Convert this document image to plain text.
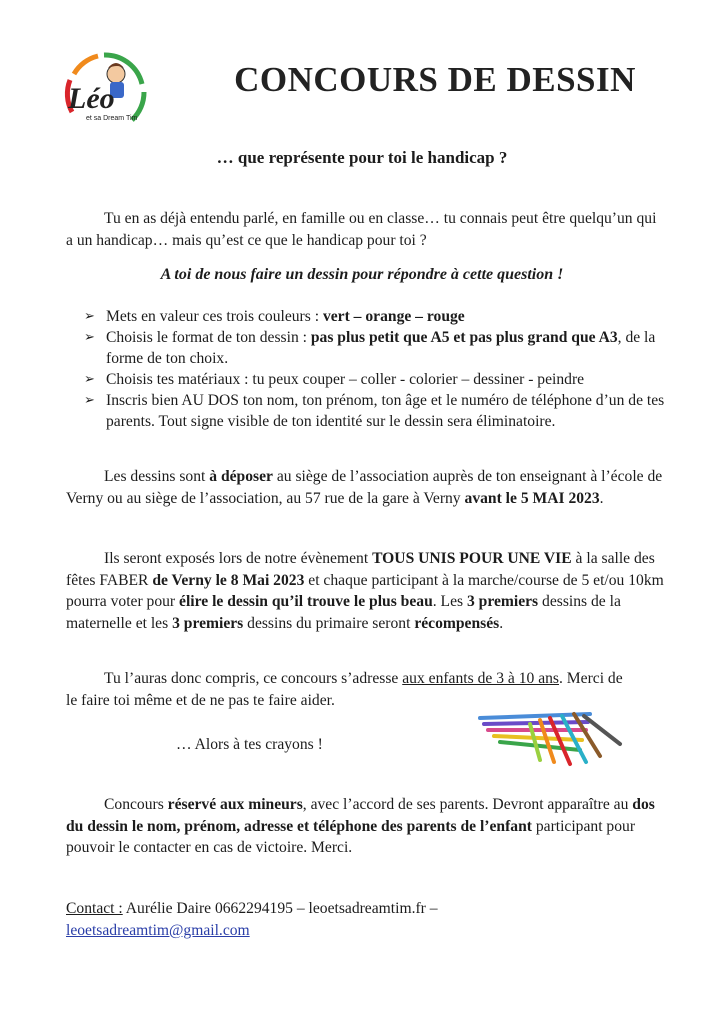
Léo
et sa Dream Tim
CONCOURS DE DESSIN

… que représente pour toi le handicap ?

Tu en as déjà entendu parlé, en famille ou en classe… tu connais peut être quelqu’un qui a un handicap… mais qu’est ce que le handicap pour toi ?

A toi de nous faire un dessin pour répondre à cette question !

➢ Mets en valeur ces trois couleurs : vert – orange – rouge
➢ Choisis le format de ton dessin : pas plus petit que A5 et pas plus grand que A3, de la forme de ton choix.
➢ Choisis tes matériaux : tu peux couper – coller - colorier – dessiner - peindre
➢ Inscris bien AU DOS ton nom, ton prénom, ton âge et le numéro de téléphone d’un de tes parents. Tout signe visible de ton identité sur le dessin sera éliminatoire.

Les dessins sont à déposer au siège de l’association auprès de ton enseignant à l’école de Verny ou au siège de l’association, au 57 rue de la gare à Verny avant le 5 MAI 2023.

Ils seront exposés lors de notre évènement TOUS UNIS POUR UNE VIE à la salle des fêtes FABER de Verny le 8 Mai 2023 et chaque participant à la marche/course de 5 et/ou 10km pourra voter pour élire le dessin qu’il trouve le plus beau. Les 3 premiers dessins de la maternelle et les 3 premiers dessins du primaire seront récompensés.

Tu l’auras donc compris, ce concours s’adresse aux enfants de 3 à 10 ans. Merci de le faire toi même et de ne pas te faire aider.

… Alors à tes crayons !

Concours réservé aux mineurs, avec l’accord de ses parents. Devront apparaître au dos du dessin le nom, prénom, adresse et téléphone des parents de l’enfant participant pour pouvoir le contacter en cas de victoire. Merci.

Contact : Aurélie Daire 0662294195 – leoetsadreamtim.fr –
leoetsadreamtim@gmail.com
